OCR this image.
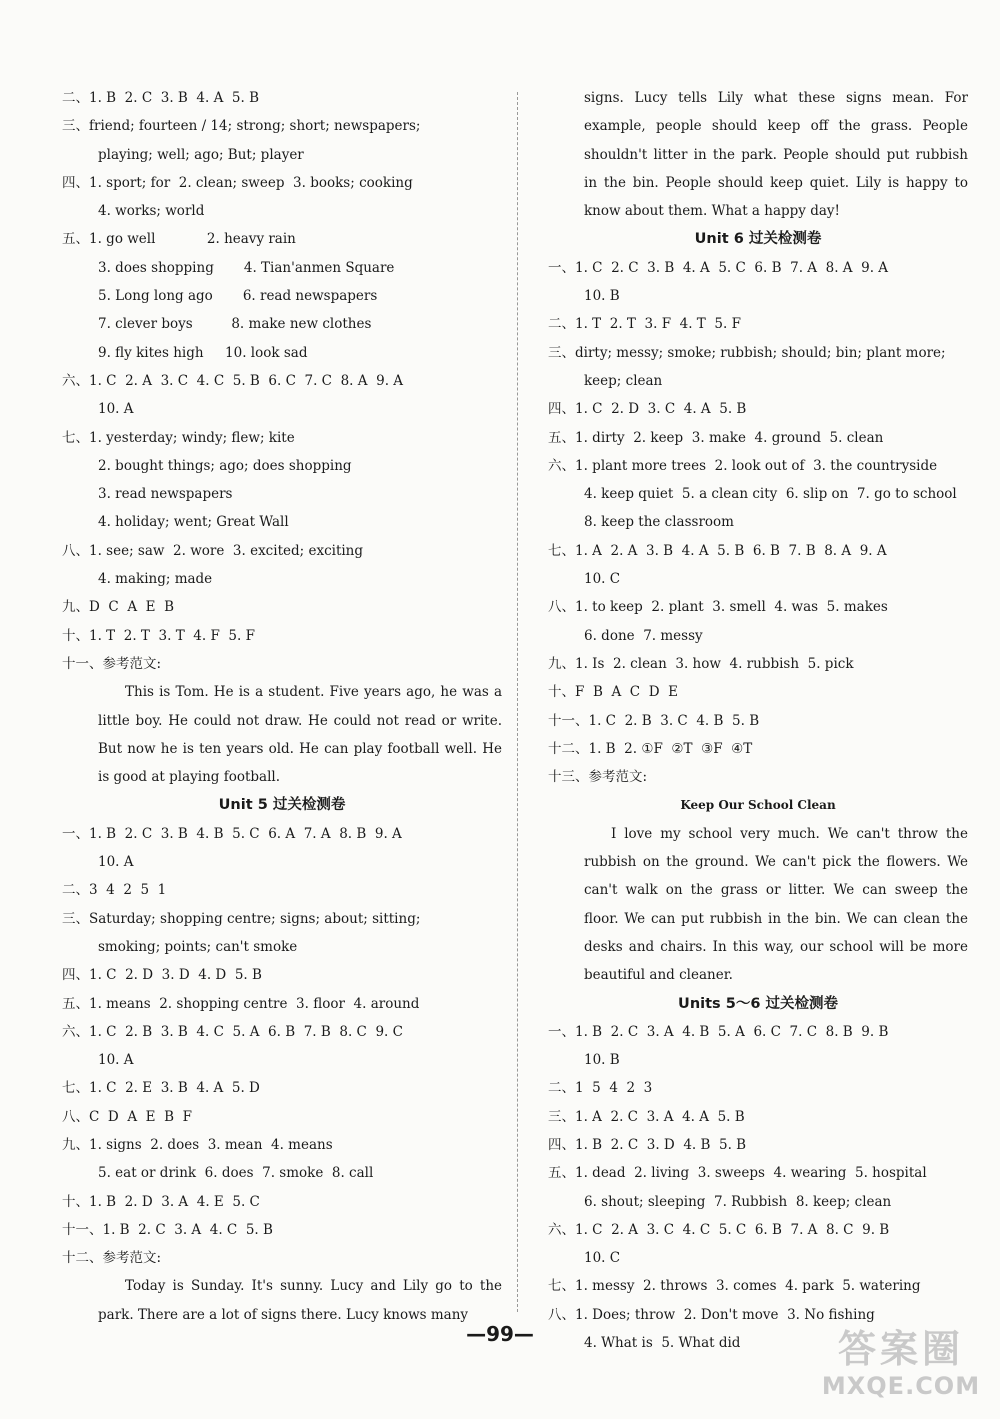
二、1. B  2. C  3. B  4. A  5. B
三、friend; fourteen / 14; strong; short; newspapers;
playing; well; ago; But; player
四、1. sport; for  2. clean; sweep  3. books; cooking
4. works; world
五、1. go well            2. heavy rain
3. does shopping       4. Tian'anmen Square
5. Long long ago       6. read newspapers
7. clever boys         8. make new clothes
9. fly kites high     10. look sad
六、1. C  2. A  3. C  4. C  5. B  6. C  7. C  8. A  9. A
10. A
七、1. yesterday; windy; flew; kite
2. bought things; ago; does shopping
3. read newspapers
4. holiday; went; Great Wall
八、1. see; saw  2. wore  3. excited; exciting
4. making; made
九、D  C  A  E  B
十、1. T  2. T  3. T  4. F  5. F
十一、参考范文:
This is Tom. He is a student. Five years ago, he was a little boy. He could not draw. He could not read or write. But now he is ten years old. He can play football well. He is good at playing football.
Unit 5 过关检测卷
一、1. B  2. C  3. B  4. B  5. C  6. A  7. A  8. B  9. A
10. A
二、3  4  2  5  1
三、Saturday; shopping centre; signs; about; sitting;
smoking; points; can't smoke
四、1. C  2. D  3. D  4. D  5. B
五、1. means  2. shopping centre  3. floor  4. around
六、1. C  2. B  3. B  4. C  5. A  6. B  7. B  8. C  9. C
10. A
七、1. C  2. E  3. B  4. A  5. D
八、C  D  A  E  B  F
九、1. signs  2. does  3. mean  4. means
5. eat or drink  6. does  7. smoke  8. call
十、1. B  2. D  3. A  4. E  5. C
十一、1. B  2. C  3. A  4. C  5. B
十二、参考范文:
Today is Sunday. It's sunny. Lucy and Lily go to the park. There are a lot of signs there. Lucy knows many
signs. Lucy tells Lily what these signs mean. For example, people should keep off the grass. People shouldn't litter in the park. People should put rubbish in the bin. People should keep quiet. Lily is happy to know about them. What a happy day!
Unit 6 过关检测卷
一、1. C  2. C  3. B  4. A  5. C  6. B  7. A  8. A  9. A
10. B
二、1. T  2. T  3. F  4. T  5. F
三、dirty; messy; smoke; rubbish; should; bin; plant more;
keep; clean
四、1. C  2. D  3. C  4. A  5. B
五、1. dirty  2. keep  3. make  4. ground  5. clean
六、1. plant more trees  2. look out of  3. the countryside
4. keep quiet  5. a clean city  6. slip on  7. go to school
8. keep the classroom
七、1. A  2. A  3. B  4. A  5. B  6. B  7. B  8. A  9. A
10. C
八、1. to keep  2. plant  3. smell  4. was  5. makes
6. done  7. messy
九、1. Is  2. clean  3. how  4. rubbish  5. pick
十、F  B  A  C  D  E
十一、1. C  2. B  3. C  4. B  5. B
十二、1. B  2. ①F  ②T  ③F  ④T
十三、参考范文:
Keep Our School Clean
I love my school very much. We can't throw the rubbish on the ground. We can't pick the flowers. We can't walk on the grass or litter. We can sweep the floor. We can put rubbish in the bin. We can clean the desks and chairs. In this way, our school will be more beautiful and cleaner.
Units 5～6 过关检测卷
一、1. B  2. C  3. A  4. B  5. A  6. C  7. C  8. B  9. B
10. B
二、1  5  4  2  3
三、1. A  2. C  3. A  4. A  5. B
四、1. B  2. C  3. D  4. B  5. B
五、1. dead  2. living  3. sweeps  4. wearing  5. hospital
6. shout; sleeping  7. Rubbish  8. keep; clean
六、1. C  2. A  3. C  4. C  5. C  6. B  7. A  8. C  9. B
10. C
七、1. messy  2. throws  3. comes  4. park  5. watering
八、1. Does; throw  2. Don't move  3. No fishing
4. What is  5. What did
—99—	答案圈
MXQE.COM
